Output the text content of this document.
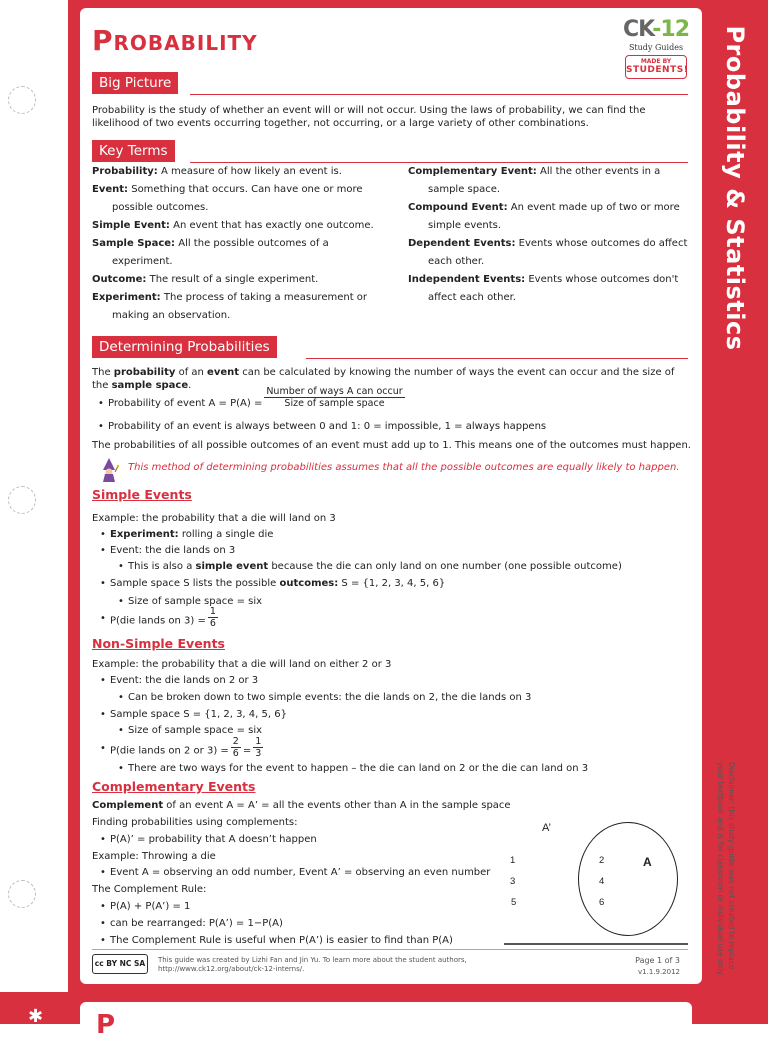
Probability & Statistics
Disclaimer: this study guide was not created to replace your textbook and is for classroom or individual use only.
✱	P
Probability	CK-12
Study Guides
MADE BY
STUDENTS!
Big Picture
Probability is the study of whether an event will or will not occur. Using the laws of probability, we can find the likelihood of two events occurring together, not occurring, or a large variety of other combinations.
Key Terms
Probability: A measure of how likely an event is.
Event: Something that occurs. Can have one or more possible outcomes.
Simple Event: An event that has exactly one outcome.
Sample Space: All the possible outcomes of a experiment.
Outcome: The result of a single experiment.
Experiment: The process of taking a measurement or making an observation.
Complementary Event: All the other events in a sample space.
Compound Event: An event made up of two or more simple events.
Dependent Events: Events whose outcomes do affect each other.
Independent Events: Events whose outcomes don't affect each other.
Determining Probabilities
The probability of an event can be calculated by knowing the number of ways the event can occur and the size of the sample space.
• Probability of event $A = P(A) = \frac{\text{Number of ways A can occur}}{\text{Size of sample space}}$
• Probability of an event is always between 0 and 1: 0 = impossible, 1 = always happens
The probabilities of all possible outcomes of an event must add up to 1. This means one of the outcomes must happen.
This method of determining probabilities assumes that all the possible outcomes are equally likely to happen.
Simple Events
Example: the probability that a die will land on 3
• Experiment: rolling a single die
• Event: the die lands on 3
• This is also a simple event because the die can only land on one number (one possible outcome)
• Sample space S lists the possible outcomes: S = {1, 2, 3, 4, 5, 6}
• Size of sample space = six
• P(die lands on $3) = \frac{1}{6}$
Non-Simple Events
Example: the probability that a die will land on either 2 or 3
• Event: the die lands on 2 or 3
• Can be broken down to two simple events: the die lands on 2, the die lands on 3
• Sample space S = {1, 2, 3, 4, 5, 6}
• Size of sample space = six
• P(die lands on 2 or $3) = \frac{2}{6} = \frac{1}{3}$
• There are two ways for the event to happen – the die can land on 2 or the die can land on 3
Complementary Events
Complement of an event A = A’ = all the events other than A in the sample space
Finding probabilities using complements:
• P(A)’ = probability that A doesn’t happen
Example: Throwing a die
• Event A = observing an odd number, Event A’ = observing an even number
The Complement Rule:
• P(A) + P(A’) = 1
• can be rearranged: P(A’) = 1−P(A)
• The Complement Rule is useful when P(A’) is easier to find than P(A)
A’
A
1
3
5
2
4
6
cc BY NC SA	This guide was created by Lizhi Fan and Jin Yu. To learn more about the student authors, http://www.ck12.org/about/ck-12-interns/.
Page 1 of 3
v1.1.9.2012
